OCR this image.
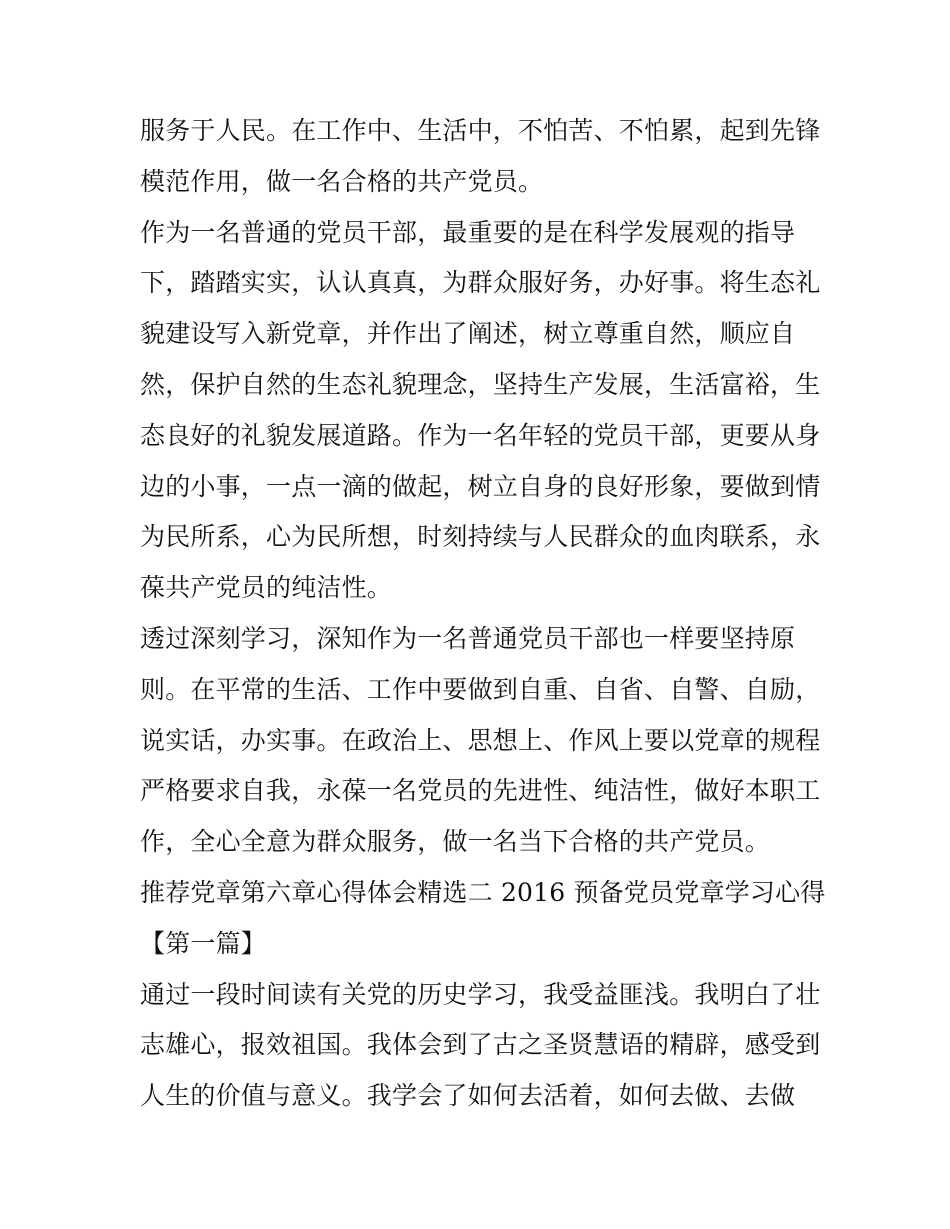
服务于人民。在工作中、生活中，不怕苦、不怕累，起到先锋
模范作用，做一名合格的共产党员。
作为一名普通的党员干部，最重要的是在科学发展观的指导
下，踏踏实实，认认真真，为群众服好务，办好事。将生态礼
貌建设写入新党章，并作出了阐述，树立尊重自然，顺应自
然，保护自然的生态礼貌理念，坚持生产发展，生活富裕，生
态良好的礼貌发展道路。作为一名年轻的党员干部，更要从身
边的小事，一点一滴的做起，树立自身的良好形象，要做到情
为民所系，心为民所想，时刻持续与人民群众的血肉联系，永
葆共产党员的纯洁性。
透过深刻学习，深知作为一名普通党员干部也一样要坚持原
则。在平常的生活、工作中要做到自重、自省、自警、自励，
说实话，办实事。在政治上、思想上、作风上要以党章的规程
严格要求自我，永葆一名党员的先进性、纯洁性，做好本职工
作，全心全意为群众服务，做一名当下合格的共产党员。
推荐党章第六章心得体会精选二 2016 预备党员党章学习心得
【第一篇】
通过一段时间读有关党的历史学习，我受益匪浅。我明白了壮
志雄心，报效祖国。我体会到了古之圣贤慧语的精辟，感受到
人生的价值与意义。我学会了如何去活着，如何去做、去做
